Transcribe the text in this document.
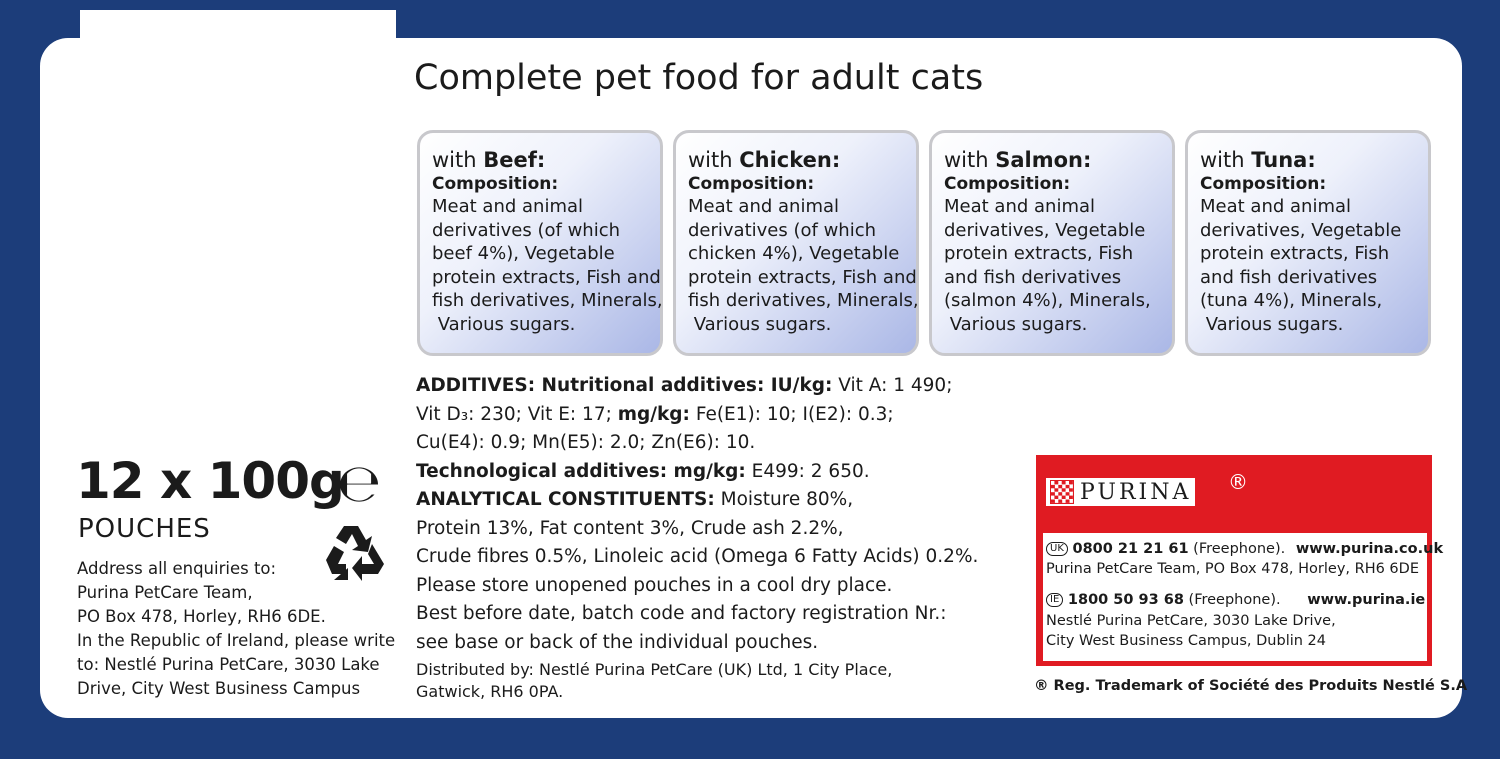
Complete pet food for adult cats
with Beef:
Composition:
Meat and animal
derivatives (of which
beef 4%), Vegetable
protein extracts, Fish and
fish derivatives, Minerals,
Various sugars.
with Chicken:
Composition:
Meat and animal
derivatives (of which
chicken 4%), Vegetable
protein extracts, Fish and
fish derivatives, Minerals,
Various sugars.
with Salmon:
Composition:
Meat and animal
derivatives, Vegetable
protein extracts, Fish
and fish derivatives
(salmon 4%), Minerals,
Various sugars.
with Tuna:
Composition:
Meat and animal
derivatives, Vegetable
protein extracts, Fish
and fish derivatives
(tuna 4%), Minerals,
Various sugars.
ADDITIVES: Nutritional additives: IU/kg: Vit A: 1 490;
Vit D₃: 230; Vit E: 17; mg/kg: Fe(E1): 10; I(E2): 0.3;
Cu(E4): 0.9; Mn(E5): 2.0; Zn(E6): 10.
Technological additives: mg/kg: E499: 2 650.
ANALYTICAL CONSTITUENTS: Moisture 80%,
Protein 13%, Fat content 3%, Crude ash 2.2%,
Crude fibres 0.5%, Linoleic acid (Omega 6 Fatty Acids) 0.2%.
Please store unopened pouches in a cool dry place.
Best before date, batch code and factory registration Nr.:
see base or back of the individual pouches.
Distributed by: Nestlé Purina PetCare (UK) Ltd, 1 City Place,
Gatwick, RH6 0PA.
12 x 100g
℮
POUCHES
Address all enquiries to:
Purina PetCare Team,
PO Box 478, Horley, RH6 6DE.
In the Republic of Ireland, please write
to: Nestlé Purina PetCare, 3030 Lake
Drive, City West Business Campus
PURINA ®
UK 0800 21 21 61 (Freephone). www.purina.co.uk
Purina PetCare Team, PO Box 478, Horley, RH6 6DE
IE 1800 50 93 68 (Freephone). www.purina.ie
Nestlé Purina PetCare, 3030 Lake Drive,
City West Business Campus, Dublin 24
® Reg. Trademark of Société des Produits Nestlé S.A
